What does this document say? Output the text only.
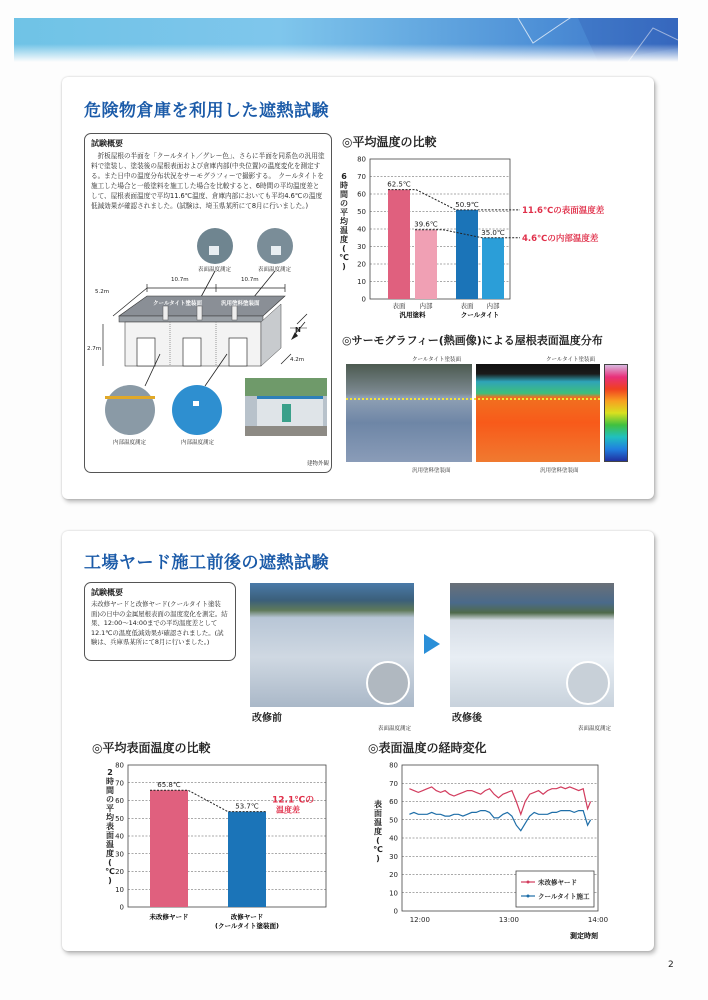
危険物倉庫を利用した遮熱試験
試験概要
　折板屋根の半面を「クールタイト／グレー色」、さらに半面を同系色の汎用塗料で塗装し、塗装後の屋根表面および倉庫内部(中央位置)の温度変化を測定する。また日中の温度分布状況をサーモグラフィーで撮影する。　クールタイトを施工した場合と一般塗料を施工した場合を比較すると、6時間の平均温度差として、屋根表面温度で平均11.6℃温度、倉庫内部においても平均4.6℃の温度低減効果が確認されました。(試験は、埼玉県某所にて8月に行いました。)
表面温度測定	表面温度測定
10.7m	10.7m
5.2m
クールタイト塗装面	汎用塗料塗装面
2.7m
N
4.2m
内部温度測定	内部温度測定
建物外観
◎平均温度の比較
0
10
20
30
40
50
60
70
80
6
時
間
の
平
均
温
度
(
℃
)
62.5℃
表面
39.6℃
内部
50.9℃
表面
35.0℃
内部
汎用塗料	クールタイト
11.6℃の表面温度差
4.6℃の内部温度差
◎サーモグラフィー(熱画像)による屋根表面温度分布
クールタイト塗装面	クールタイト塗装面
汎用塗料塗装面	汎用塗料塗装面
工場ヤード施工前後の遮熱試験
試験概要
未改修ヤードと改修ヤード(クールタイト塗装面)の日中の金属屋根表面の温度変化を測定。結果、12:00～14:00までの平均温度差として12.1℃の温度低減効果が確認されました。(試験は、兵庫県某所にて8月に行いました。)
改修前
表面温度測定
改修後
表面温度測定
◎平均表面温度の比較
0
10
20
30
40
50
60
70
80
2
時
間
の
平
均
表
面
温
度
(
℃
)
65.8℃
未改修ヤード
53.7℃
改修ヤード
(クールタイト塗装面)
12.1℃の
温度差
◎表面温度の経時変化
0
10
20
30
40
50
60
70
80
表
面
温
度
(
℃
)
12:00	13:00	14:00
測定時刻
未改修ヤード
クールタイト施工
2
